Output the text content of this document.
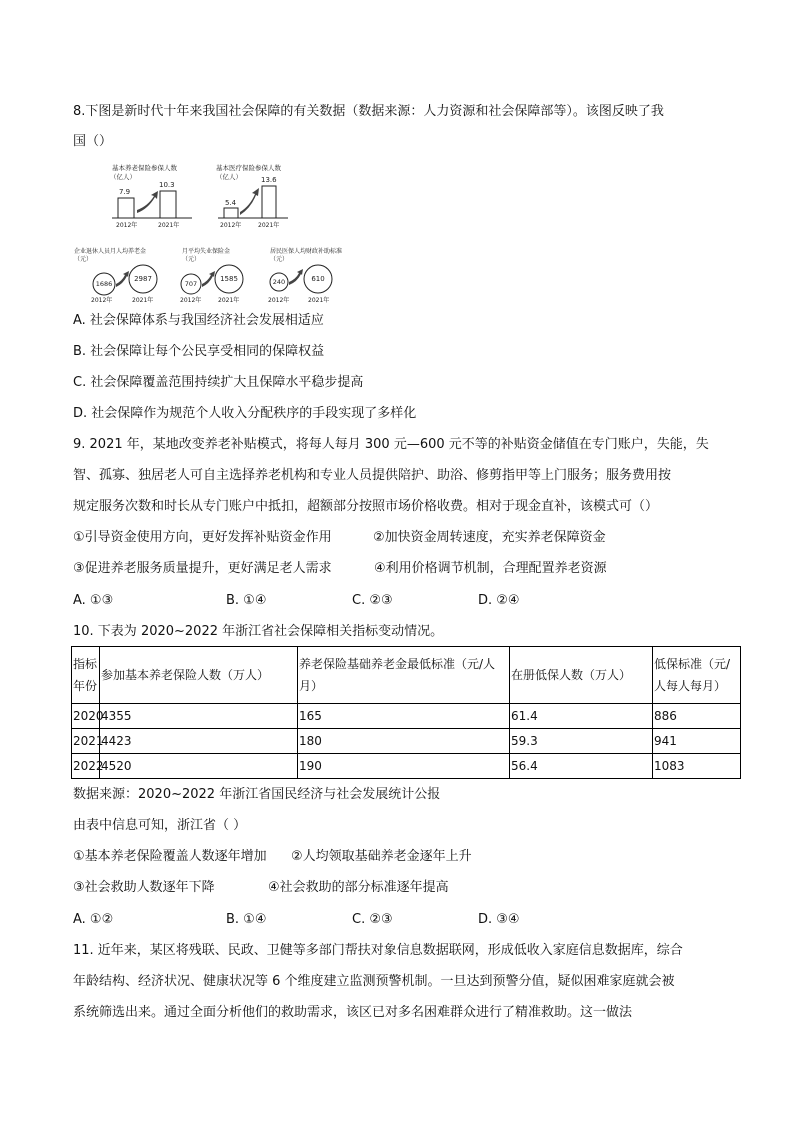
8.下图是新时代十年来我国社会保障的有关数据（数据来源：人力资源和社会保障部等）。该图反映了我
国（）
基本养老保险参保人数
（亿人）
7.9
10.3
2012年	2021年
基本医疗保险参保人数
（亿人）
5.4
13.6
2012年	2021年
企业退休人员月人均养老金
（元）
1686
2987
2012年	2021年
月平均失业保险金
（元）
707
1585
2012年	2021年
居民医保人均财政补助标准
（元）
240	610
2012年	2021年
A. 社会保障体系与我国经济社会发展相适应
B. 社会保障让每个公民享受相同的保障权益
C. 社会保障覆盖范围持续扩大且保障水平稳步提高
D. 社会保障作为规范个人收入分配秩序的手段实现了多样化
9. 2021 年，某地改变养老补贴模式，将每人每月 300 元—600 元不等的补贴资金储值在专门账户，失能，失
智、孤寡、独居老人可自主选择养老机构和专业人员提供陪护、助浴、修剪指甲等上门服务；服务费用按
规定服务次数和时长从专门账户中抵扣，超额部分按照市场价格收费。相对于现金直补，该模式可（）
①引导资金使用方向，更好发挥补贴资金作用	②加快资金周转速度，充实养老保障资金
③促进养老服务质量提升，更好满足老人需求	④利用价格调节机制，合理配置养老资源
A. ①③	B. ①④	C. ②③	D. ②④
10. 下表为 2020~2022 年浙江省社会保障相关指标变动情况。
指标年份	参加基本养老保险人数（万人）	养老保险基础养老金最低标准（元/人月）	在册低保人数（万人）	低保标准（元/人每人每月）
2020	4355	165	61.4	886
2021	4423	180	59.3	941
2022	4520	190	56.4	1083
数据来源：2020~2022 年浙江省国民经济与社会发展统计公报
由表中信息可知，浙江省（ ）
①基本养老保险覆盖人数逐年增加 ②人均领取基础养老金逐年上升
③社会救助人数逐年下降	④社会救助的部分标准逐年提高
A. ①②	B. ①④	C. ②③	D. ③④
11. 近年来，某区将残联、民政、卫健等多部门帮扶对象信息数据联网，形成低收入家庭信息数据库，综合
年龄结构、经济状况、健康状况等 6 个维度建立监测预警机制。一旦达到预警分值，疑似困难家庭就会被
系统筛选出来。通过全面分析他们的救助需求，该区已对多名困难群众进行了精准救助。这一做法
